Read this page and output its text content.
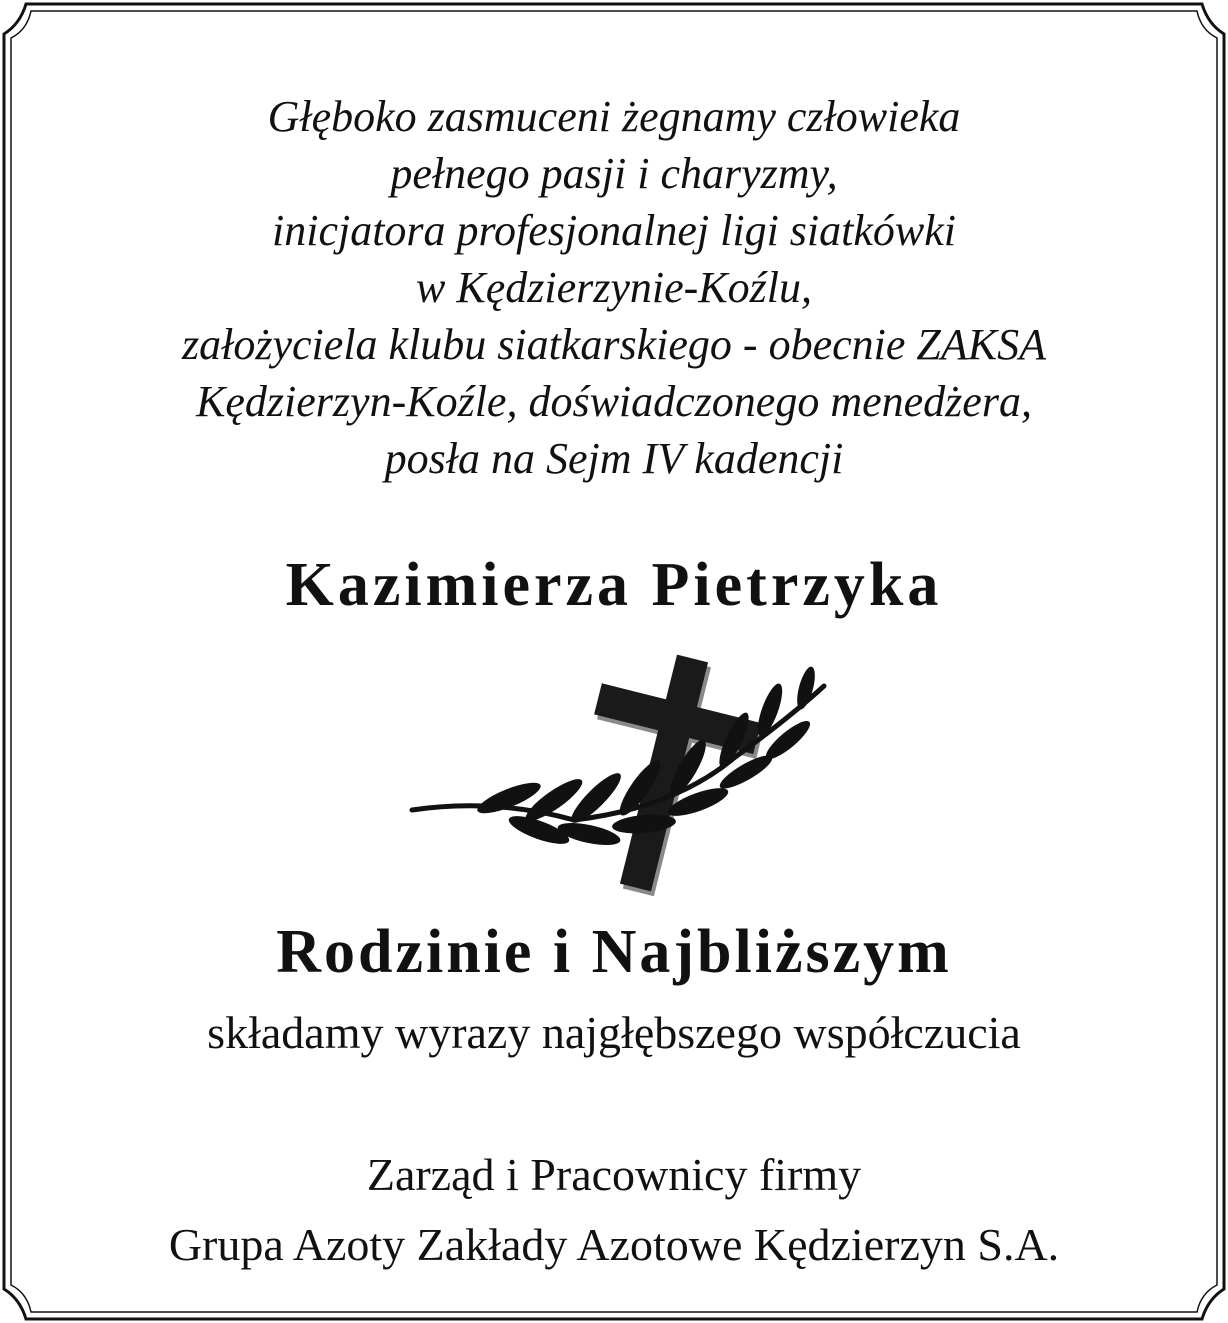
Głęboko zasmuceni żegnamy człowieka
pełnego pasji i charyzmy,
inicjatora profesjonalnej ligi siatkówki
w Kędzierzynie-Koźlu,
założyciela klubu siatkarskiego - obecnie ZAKSA
Kędzierzyn-Koźle, doświadczonego menedżera,
posła na Sejm IV kadencji
Kazimierza Pietrzyka
Rodzinie i Najbliższym
składamy wyrazy najgłębszego współczucia
Zarząd i Pracownicy firmy
Grupa Azoty Zakłady Azotowe Kędzierzyn S.A.
